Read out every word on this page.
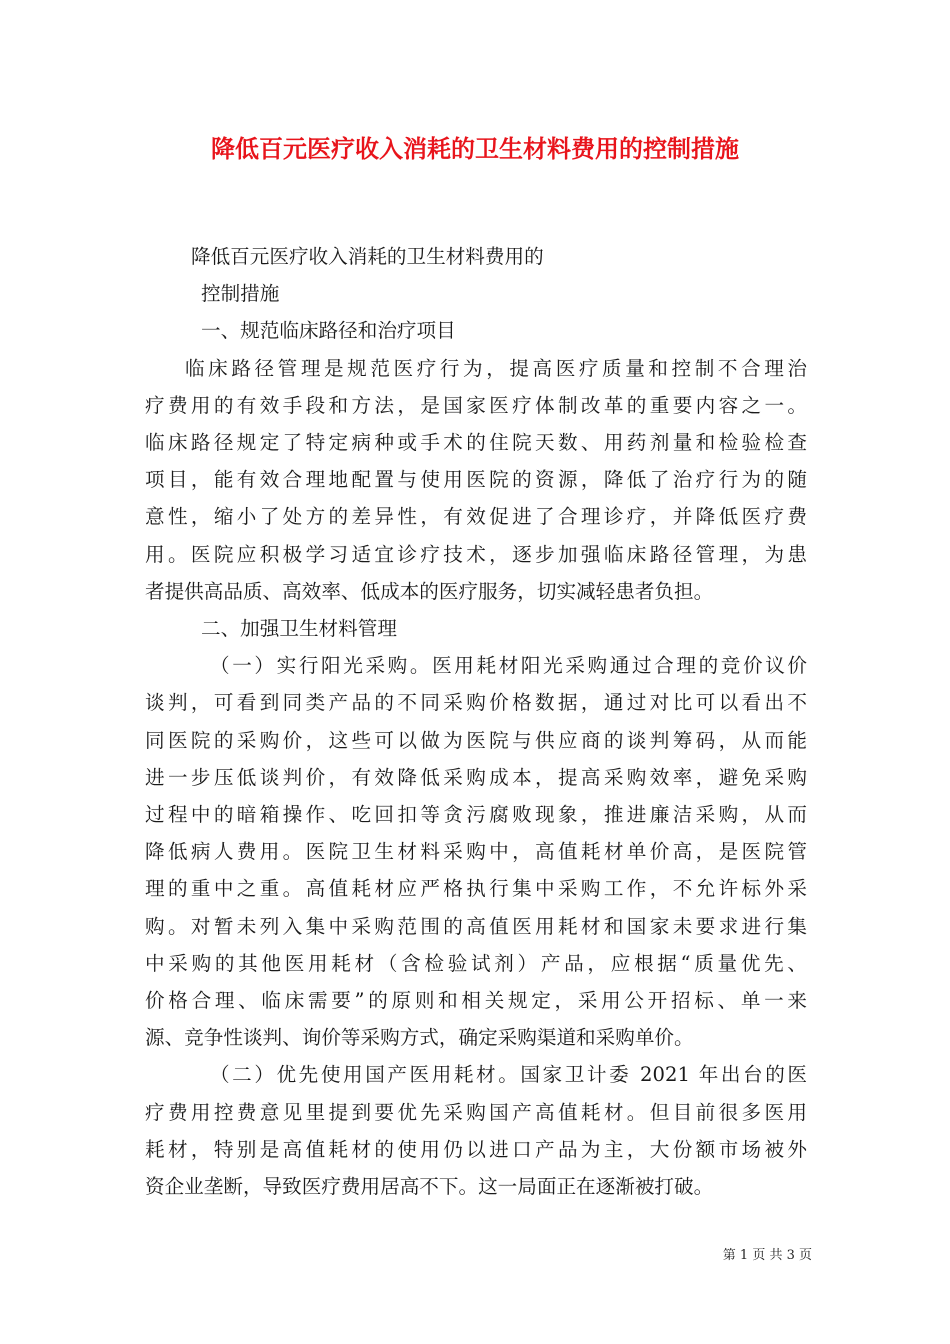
降低百元医疗收入消耗的卫生材料费用的控制措施

降低百元医疗收入消耗的卫生材料费用的
控制措施

一、规范临床路径和治疗项目

临床路径管理是规范医疗行为，提高医疗质量和控制不合理治
疗费用的有效手段和方法，是国家医疗体制改革的重要内容之一。
临床路径规定了特定病种或手术的住院天数、用药剂量和检验检查
项目，能有效合理地配置与使用医院的资源，降低了治疗行为的随
意性，缩小了处方的差异性，有效促进了合理诊疗，并降低医疗费
用。医院应积极学习适宜诊疗技术，逐步加强临床路径管理，为患
者提供高品质、高效率、低成本的医疗服务，切实减轻患者负担。

二、加强卫生材料管理

（一）实行阳光采购。医用耗材阳光采购通过合理的竞价议价
谈判，可看到同类产品的不同采购价格数据，通过对比可以看出不
同医院的采购价，这些可以做为医院与供应商的谈判筹码，从而能
进一步压低谈判价，有效降低采购成本，提高采购效率，避免采购
过程中的暗箱操作、吃回扣等贪污腐败现象，推进廉洁采购，从而
降低病人费用。医院卫生材料采购中，高值耗材单价高，是医院管
理的重中之重。高值耗材应严格执行集中采购工作，不允许标外采
购。对暂未列入集中采购范围的高值医用耗材和国家未要求进行集
中采购的其他医用耗材（含检验试剂）产品，应根据“质量优先、
价格合理、临床需要”的原则和相关规定，采用公开招标、单一来
源、竞争性谈判、询价等采购方式，确定采购渠道和采购单价。

（二）优先使用国产医用耗材。国家卫计委 2021 年出台的医
疗费用控费意见里提到要优先采购国产高值耗材。但目前很多医用
耗材，特别是高值耗材的使用仍以进口产品为主，大份额市场被外
资企业垄断，导致医疗费用居高不下。这一局面正在逐渐被打破。

第 1 页 共 3 页
